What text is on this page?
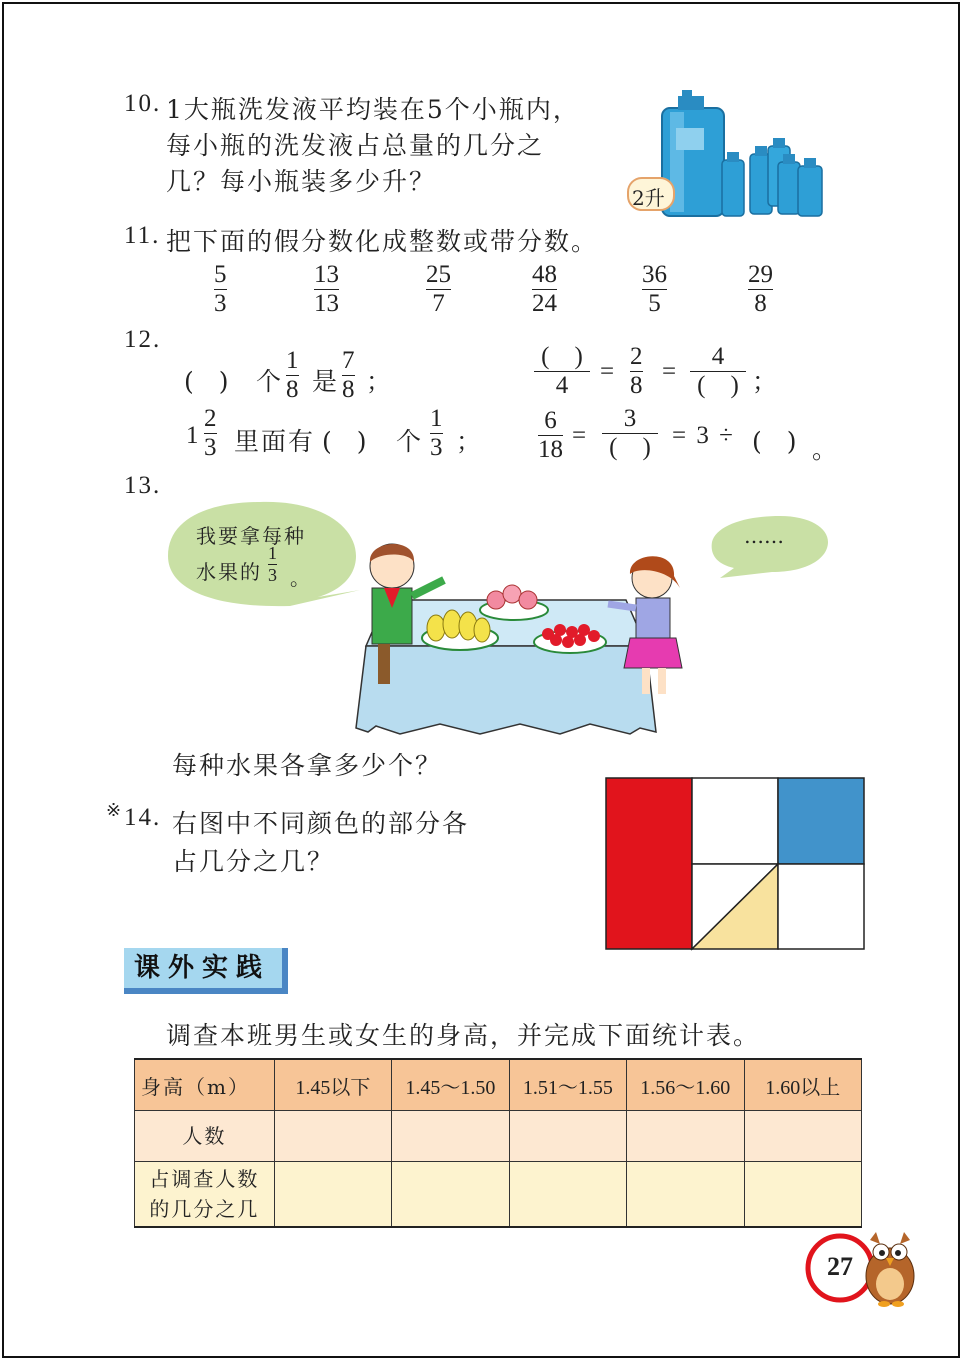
10. 1大瓶洗发液平均装在5个小瓶内，
每小瓶的洗发液占总量的几分之
几？每小瓶装多少升？
2升
11. 把下面的假分数化成整数或带分数。
5
3
13
13
25
7
48
24
36
5
29
8
12.
(　) 个
1
8 是
7
8 ；
(　)
4
=
2
8
=
4
(　) ；
1
2
3 里面有 (　) 个
1
3 ；
6
18
=
3
(　) = 3 ÷ (　) 。
13.
我要拿每种
水果的
1
3 。
……
每种水果各拿多少个？
※ 14. 右图中不同颜色的部分各
占几分之几？
课外实践
调查本班男生或女生的身高，并完成下面统计表。
身高（m）	1.45以下	1.45～1.50	1.51～1.55	1.56～1.60	1.60以上
人数					
占调查人数
的几分之几					
27
